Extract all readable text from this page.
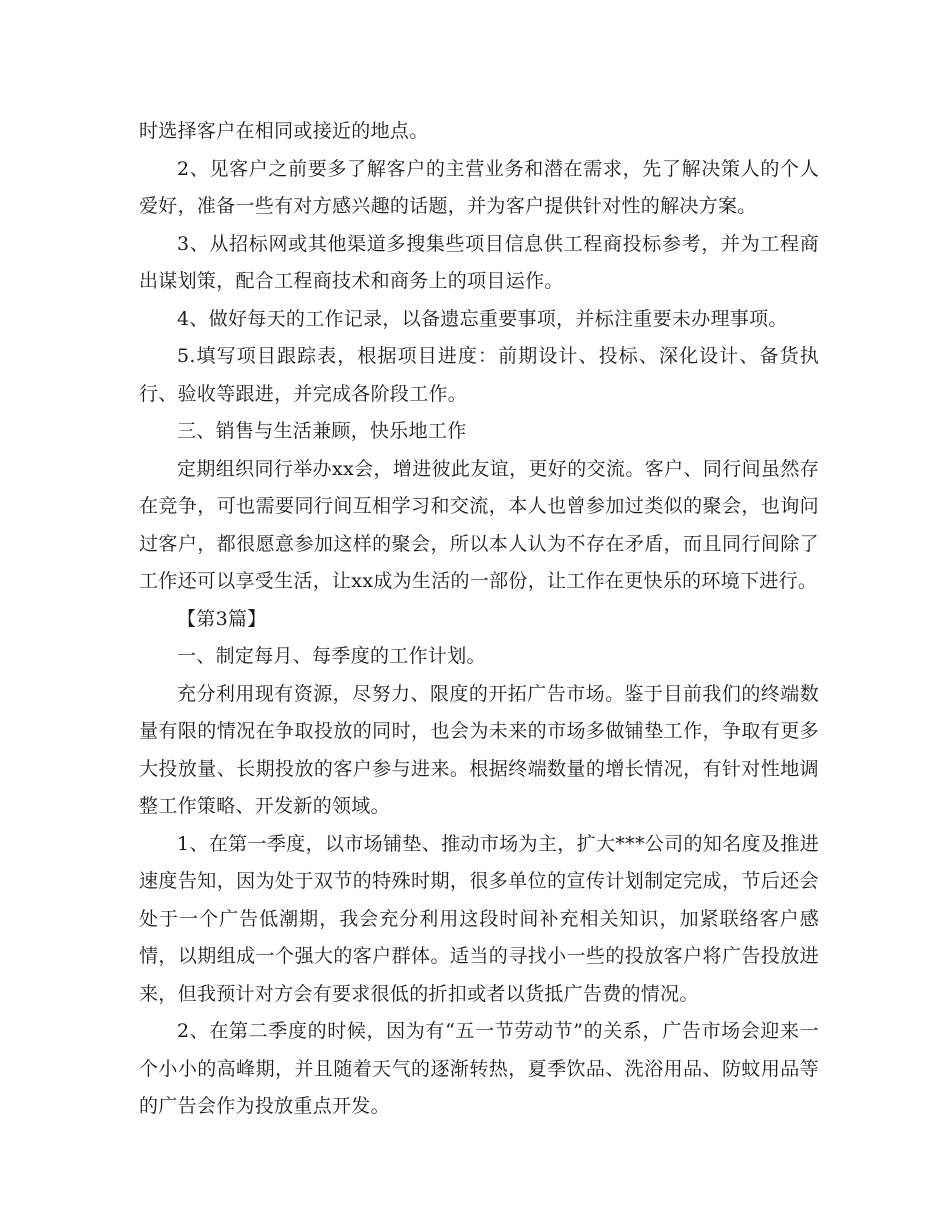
时选择客户在相同或接近的地点。

2、见客户之前要多了解客户的主营业务和潜在需求，先了解决策人的个人爱好，准备一些有对方感兴趣的话题，并为客户提供针对性的解决方案。

3、从招标网或其他渠道多搜集些项目信息供工程商投标参考，并为工程商出谋划策，配合工程商技术和商务上的项目运作。

4、做好每天的工作记录，以备遗忘重要事项，并标注重要未办理事项。

5.填写项目跟踪表，根据项目进度：前期设计、投标、深化设计、备货执行、验收等跟进，并完成各阶段工作。

三、销售与生活兼顾，快乐地工作

定期组织同行举办xx会，增进彼此友谊，更好的交流。客户、同行间虽然存在竞争，可也需要同行间互相学习和交流，本人也曾参加过类似的聚会，也询问过客户，都很愿意参加这样的聚会，所以本人认为不存在矛盾，而且同行间除了工作还可以享受生活，让xx成为生活的一部份，让工作在更快乐的环境下进行。

【第3篇】

一、制定每月、每季度的工作计划。

充分利用现有资源，尽努力、限度的开拓广告市场。鉴于目前我们的终端数量有限的情况在争取投放的同时，也会为未来的市场多做铺垫工作，争取有更多大投放量、长期投放的客户参与进来。根据终端数量的增长情况，有针对性地调整工作策略、开发新的领域。

1、在第一季度，以市场铺垫、推动市场为主，扩大***公司的知名度及推进速度告知，因为处于双节的特殊时期，很多单位的宣传计划制定完成，节后还会处于一个广告低潮期，我会充分利用这段时间补充相关知识，加紧联络客户感情，以期组成一个强大的客户群体。适当的寻找小一些的投放客户将广告投放进来，但我预计对方会有要求很低的折扣或者以货抵广告费的情况。

2、在第二季度的时候，因为有“五一节劳动节”的关系，广告市场会迎来一个小小的高峰期，并且随着天气的逐渐转热，夏季饮品、洗浴用品、防蚊用品等的广告会作为投放重点开发。
